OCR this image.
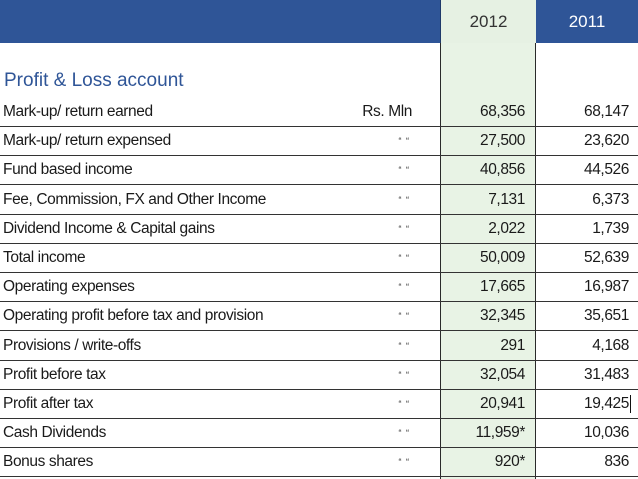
2012	2011
Profit & Loss account
Mark-up/ return earned	Rs. Mln	68,356	68,147
Mark-up/ return expensed	“ “	27,500	23,620
Fund based income	“ “	40,856	44,526
Fee, Commission, FX and Other Income	“ “	7,131	6,373
Dividend Income & Capital gains	“ “	2,022	1,739
Total income	“ “	50,009	52,639
Operating expenses	“ “	17,665	16,987
Operating profit before tax and provision	“ “	32,345	35,651
Provisions / write-offs	“ “	291	4,168
Profit before tax	“ “	32,054	31,483
Profit after tax	“ “	20,941	19,425
Cash Dividends	“ “	11,959*	10,036
Bonus shares	“ “	920*	836
